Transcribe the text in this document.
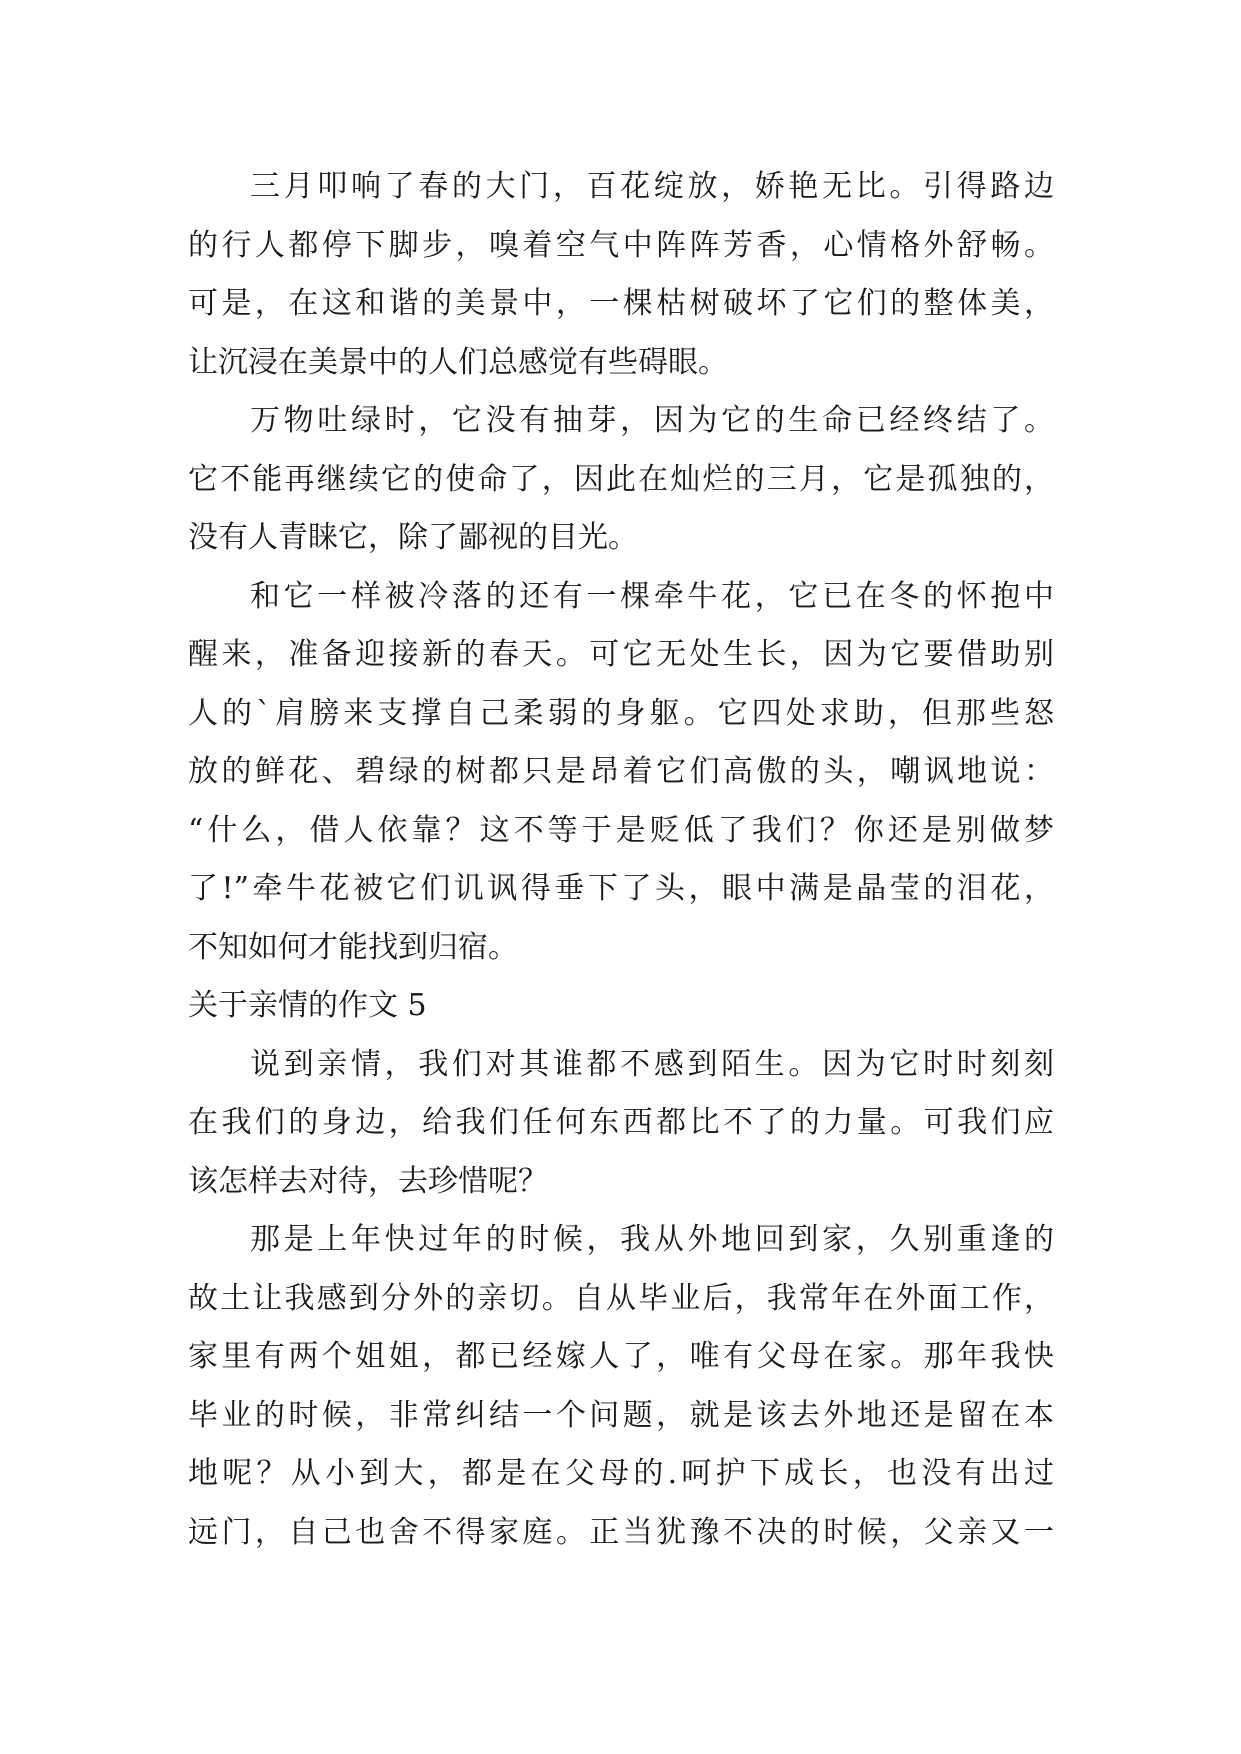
三月叩响了春的大门，百花绽放，娇艳无比。引得路边
的行人都停下脚步，嗅着空气中阵阵芳香，心情格外舒畅。
可是，在这和谐的美景中，一棵枯树破坏了它们的整体美，
让沉浸在美景中的人们总感觉有些碍眼。
万物吐绿时，它没有抽芽，因为它的生命已经终结了。
它不能再继续它的使命了，因此在灿烂的三月，它是孤独的，
没有人青睐它，除了鄙视的目光。
和它一样被冷落的还有一棵牵牛花，它已在冬的怀抱中
醒来，准备迎接新的春天。可它无处生长，因为它要借助别
人的`肩膀来支撑自己柔弱的身躯。它四处求助，但那些怒
放的鲜花、碧绿的树都只是昂着它们高傲的头，嘲讽地说：
“什么，借人依靠？这不等于是贬低了我们？你还是别做梦
了!”牵牛花被它们讥讽得垂下了头，眼中满是晶莹的泪花，
不知如何才能找到归宿。
关于亲情的作文 5
说到亲情，我们对其谁都不感到陌生。因为它时时刻刻
在我们的身边，给我们任何东西都比不了的力量。可我们应
该怎样去对待，去珍惜呢？
那是上年快过年的时候，我从外地回到家，久别重逢的
故土让我感到分外的亲切。自从毕业后，我常年在外面工作，
家里有两个姐姐，都已经嫁人了，唯有父母在家。那年我快
毕业的时候，非常纠结一个问题，就是该去外地还是留在本
地呢？从小到大，都是在父母的.呵护下成长，也没有出过
远门，自己也舍不得家庭。正当犹豫不决的时候，父亲又一
